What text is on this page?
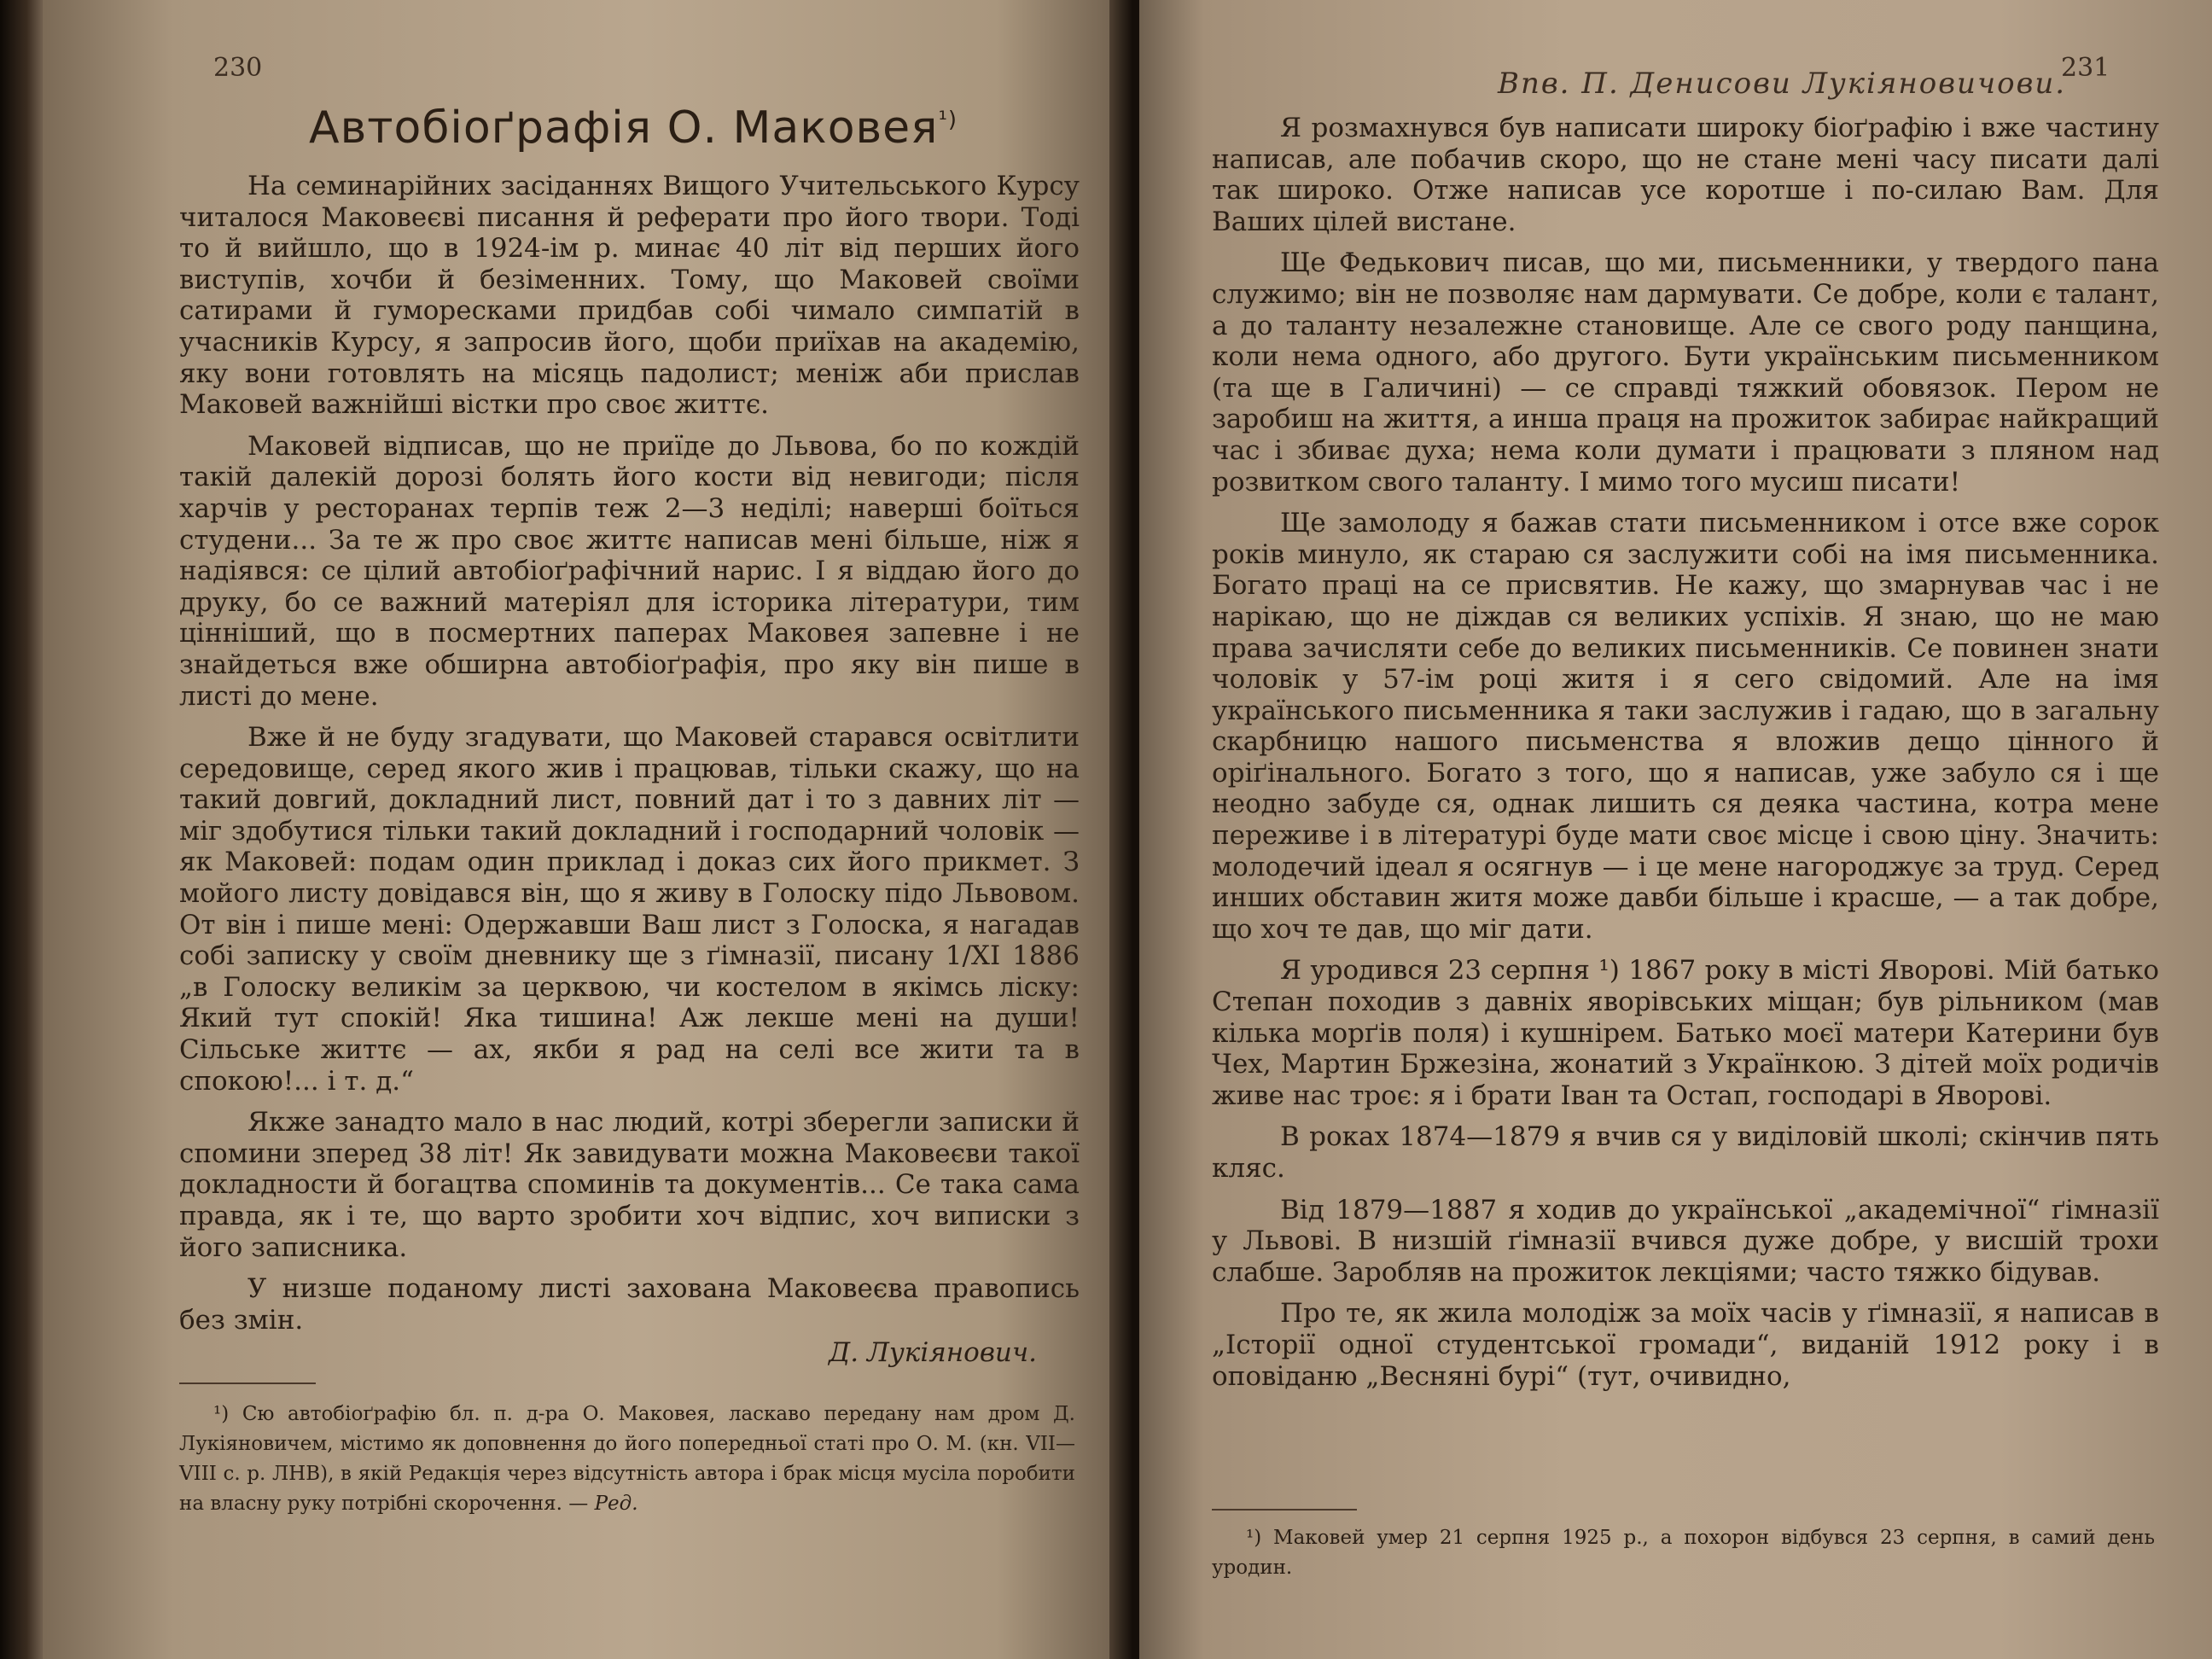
230
Автобіоґрафія О. Маковея$^{^1)}$

На семинарійних засіданнях Вищого Учительського Курсу читалося Маковеєві писання й реферати про його твори. Тоді то й вийшло, що в 1924-ім р. минає 40 літ від перших його виступів, хочби й безіменних. Тому, що Маковей своїми сатирами й гуморесками придбав собі чимало симпатій в учасників Курсу, я запросив його, щоби приїхав на академію, яку вони готовлять на місяць падолист; меніж аби прислав Маковей важнійші вістки про своє життє.

Маковей відписав, що не приїде до Львова, бо по кождій такій далекій дорозі болять його кости від невигоди; після харчів у ресторанах терпів теж 2—3 неділі; наверші боїться студени... За те ж про своє життє написав мені більше, ніж я надіявся: се цілий автобіоґрафічний нарис. І я віддаю його до друку, бо се важний матеріял для історика літератури, тим цінніший, що в посмертних паперах Маковея запевне і не знайдеться вже обширна автобіоґрафія, про яку він пише в листі до мене.

Вже й не буду згадувати, що Маковей старався освітлити середовище, серед якого жив і працював, тільки скажу, що на такий довгий, докладний лист, повний дат і то з давних літ — міг здобутися тільки такий докладний і господарний чоловік — як Маковей: подам один приклад і доказ сих його прикмет. З мойого листу довідався він, що я живу в Голоску підо Львовом. От він і пише мені: Одержавши Ваш лист з Голоска, я нагадав собі записку у своїм дневнику ще з ґімназії, писану 1/XI 1886 „в Голоску великім за церквою, чи костелом в якімсь ліску: Який тут спокій! Яка тишина! Аж лекше мені на души! Сільське життє — ах, якби я рад на селі все жити та в спокою!... і т. д.“

Якже занадто мало в нас людий, котрі зберегли записки й спомини зперед 38 літ! Як завидувати можна Маковеєви такої докладности й богацтва споминів та документів... Се така сама правда, як і те, що варто зробити хоч відпис, хоч виписки з його записника.

У низше поданому листі захована Маковеєва правопись без змін.

Д. Лукіянович.

¹) Сю автобіоґрафію бл. п. д-ра О. Маковея, ласкаво передану нам дром Д. Лукіяновичем, містимо як доповнення до його попередньої статі про О. М. (кн. VII—VIII с. р. ЛНВ), в якій Редакція через відсутність автора і брак місця мусіла поробити на власну руку потрібні скорочення. — Ред.

Впв. П. Денисови Лукіяновичови.
231

Я розмахнувся був написати широку біоґрафію і вже частину написав, але побачив скоро, що не стане мені часу писати далі так широко. Отже написав усе коротше і по-силаю Вам. Для Ваших цілей вистане.

Ще Федькович писав, що ми, письменники, у твердого пана служимо; він не позволяє нам дармувати. Се добре, коли є талант, а до таланту незалежне становище. Але се свого роду панщина, коли нема одного, або другого. Бути українським письменником (та ще в Галичині) — се справді тяжкий обовязок. Пером не заробиш на життя, а инша праця на прожиток забирає найкращий час і збиває духа; нема коли думати і працювати з пляном над розвитком свого таланту. І мимо того мусиш писати!

Ще замолоду я бажав стати письменником і отсе вже сорок років минуло, як стараю ся заслужити собі на імя письменника. Богато праці на се присвятив. Не кажу, що змарнував час і не нарікаю, що не діждав ся великих успіхів. Я знаю, що не маю права зачисляти себе до великих письменників. Се повинен знати чоловік у 57-ім році житя і я сего свідомий. Але на імя українського письменника я таки заслужив і гадаю, що в загальну скарбницю нашого письменства я вложив дещо цінного й оріґінального. Богато з того, що я написав, уже забуло ся і ще неодно забуде ся, однак лишить ся деяка частина, котра мене переживе і в літературі буде мати своє місце і свою ціну. Значить: молодечий ідеал я осягнув — і це мене нагороджує за труд. Серед инших обставин житя може давби більше і красше, — а так добре, що хоч те дав, що міг дати.

Я уродився 23 серпня ¹) 1867 року в місті Яворові. Мій батько Степан походив з давніх яворівських міщан; був рільником (мав кілька морґів поля) і кушнірем. Батько моєї матери Катерини був Чех, Мартин Бржезіна, жонатий з Українкою. З дітей моїх родичів живе нас троє: я і брати Іван та Остап, господарі в Яворові.

В роках 1874—1879 я вчив ся у виділовій школі; скінчив пять кляс.

Від 1879—1887 я ходив до української „академічної“ ґімназії у Львові. В низшій ґімназії вчився дуже добре, у висшій трохи слабше. Заробляв на прожиток лекціями; часто тяжко бідував.

Про те, як жила молодіж за моїх часів у ґімназії, я написав в „Історії одної студентської громади“, виданій 1912 року і в оповіданю „Весняні бурі“ (тут, очивидно,

¹) Маковей умер 21 серпня 1925 р., а похорон відбувся 23 серпня, в самий день уродин.
